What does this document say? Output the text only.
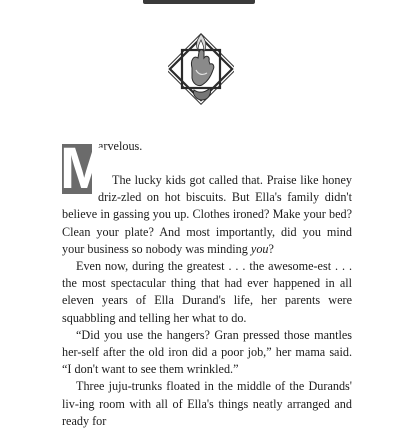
M
arvelous.

The lucky kids got called that. Praise like honey driz-zled on hot biscuits. But Ella's family didn't believe in gassing you up. Clothes ironed? Make your bed? Clean your plate? And most importantly, did you mind your business so nobody was minding you?

Even now, during the greatest . . . the awesome-est . . . the most spectacular thing that had ever happened in all eleven years of Ella Durand's life, her parents were squabbling and telling her what to do.

“Did you use the hangers? Gran pressed those mantles her-self after the old iron did a poor job,” her mama said. “I don't want to see them wrinkled.”

Three juju-trunks floated in the middle of the Durands' liv-ing room with all of Ella's things neatly arranged and ready for
